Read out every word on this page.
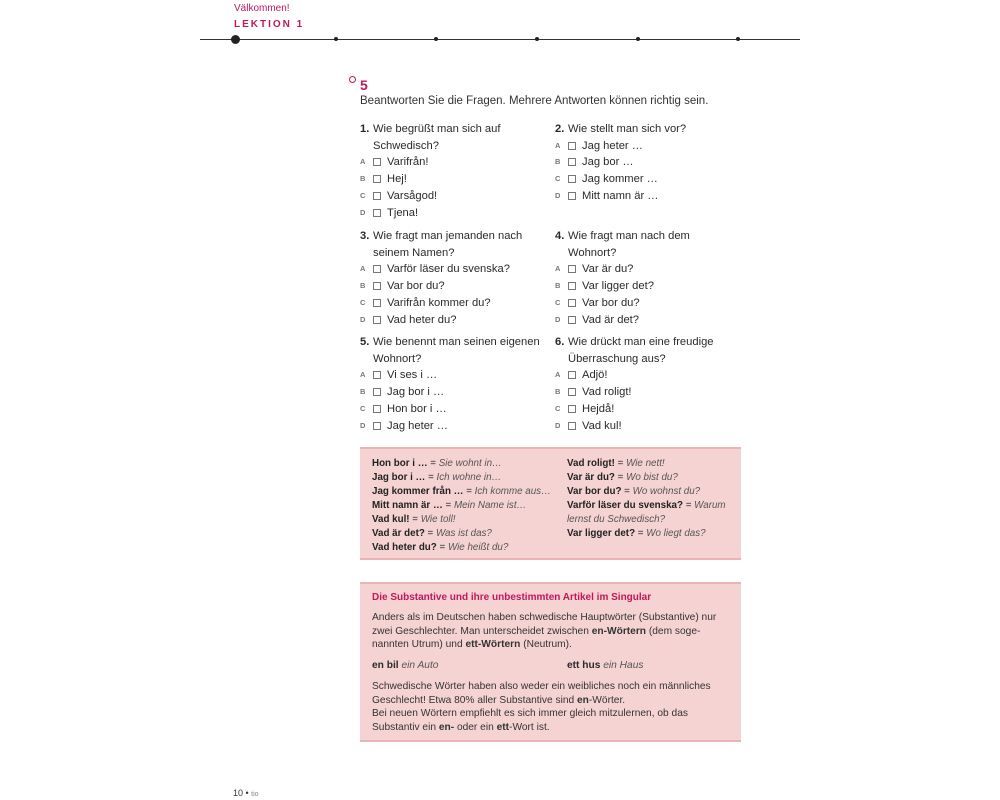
Välkommen!
LEKTION 1
5
Beantworten Sie die Fragen. Mehrere Antworten können richtig sein.
1. Wie begrüßt man sich auf Schwedisch?
A	Varifrån!
B	Hej!
C	Varsågod!
D	Tjena!
2. Wie stellt man sich vor?
A	Jag heter …
B	Jag bor …
C	Jag kommer …
D	Mitt namn är …
3. Wie fragt man jemanden nach seinem Namen?
A	Varför läser du svenska?
B	Var bor du?
C	Varifrån kommer du?
D	Vad heter du?
4. Wie fragt man nach dem Wohnort?
A	Var är du?
B	Var ligger det?
C	Var bor du?
D	Vad är det?
5. Wie benennt man seinen eigenen Wohnort?
A	Vi ses i …
B	Jag bor i …
C	Hon bor i …
D	Jag heter …
6. Wie drückt man eine freudige Überraschung aus?
A	Adjö!
B	Vad roligt!
C	Hejdå!
D	Vad kul!
Hon bor i … = Sie wohnt in…
Jag bor i … = Ich wohne in…
Jag kommer från … = Ich komme aus…
Mitt namn är … = Mein Name ist…
Vad kul! = Wie toll!
Vad är det? = Was ist das?
Vad heter du? = Wie heißt du?
Vad roligt! = Wie nett!
Var är du? = Wo bist du?
Var bor du? = Wo wohnst du?
Varför läser du svenska? = Warum lernst du Schwedisch?
Var ligger det? = Wo liegt das?
Die Substantive und ihre unbestimmten Artikel im Singular
Anders als im Deutschen haben schwedische Hauptwörter (Substantive) nur zwei Geschlechter. Man unterscheidet zwischen en-Wörtern (dem soge-nannten Utrum) und ett-Wörtern (Neutrum).
en bil ein Auto	ett hus ein Haus
Schwedische Wörter haben also weder ein weibliches noch ein männliches Geschlecht! Etwa 80% aller Substantive sind en-Wörter.
Bei neuen Wörtern empfiehlt es sich immer gleich mitzulernen, ob das Substantiv ein en- oder ein ett-Wort ist.
10 • tio
